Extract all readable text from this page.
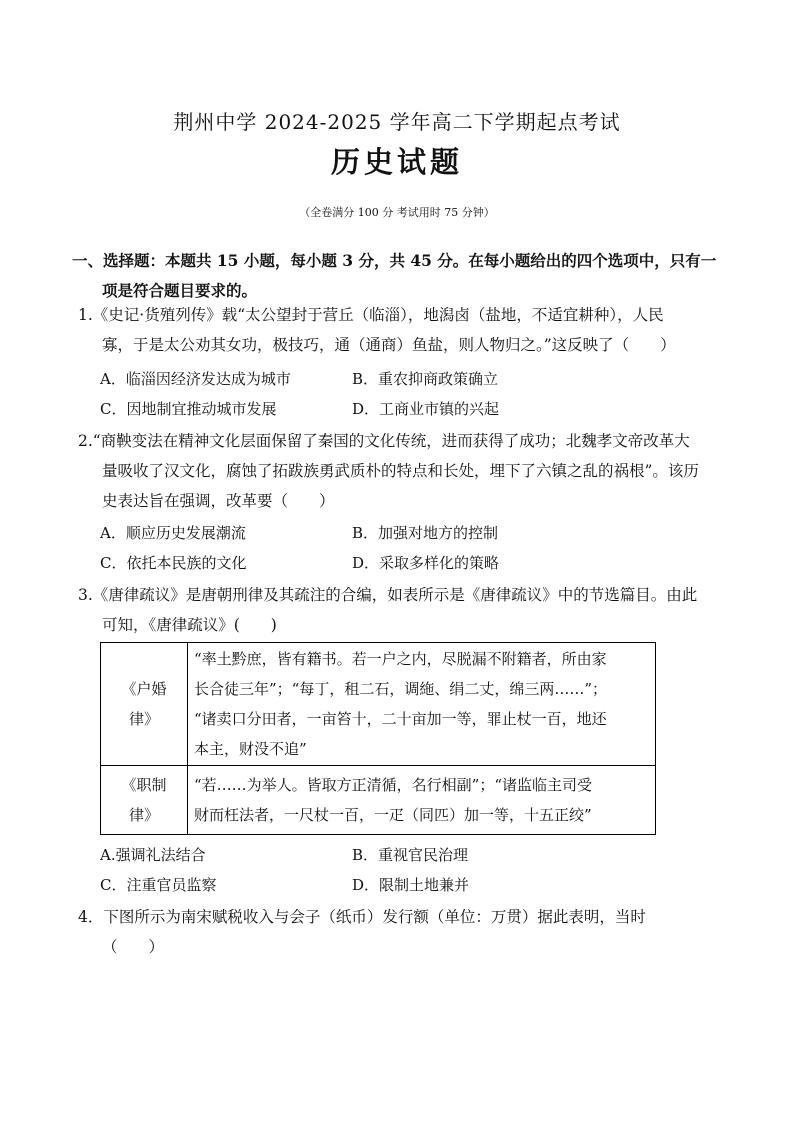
荆州中学 2024-2025 学年高二下学期起点考试
历史试题
（全卷满分 100 分 考试用时 75 分钟）
一、选择题：本题共 15 小题，每小题 3 分，共 45 分。在每小题给出的四个选项中，只有一
项是符合题目要求的。
1.《史记·货殖列传》载“太公望封于营丘（临淄），地潟卤（盐地，不适宜耕种），人民
寡，于是太公劝其女功，极技巧，通（通商）鱼盐，则人物归之。”这反映了（　　）
A．临淄因经济发达成为城市	B．重农抑商政策确立
C．因地制宜推动城市发展	D．工商业市镇的兴起
2.“商鞅变法在精神文化层面保留了秦国的文化传统，进而获得了成功；北魏孝文帝改革大
量吸收了汉文化，腐蚀了拓跋族勇武质朴的特点和长处，埋下了六镇之乱的祸根”。该历
史表达旨在强调，改革要（　　）
A．顺应历史发展潮流	B．加强对地方的控制
C．依托本民族的文化	D．采取多样化的策略
3.《唐律疏议》是唐朝刑律及其疏注的合编，如表所示是《唐律疏议》中的节选篇目。由此
可知，《唐律疏议》(　　)
《户婚
律》	“率土黔庶，皆有籍书。若一户之内，尽脱漏不附籍者，所由家
长合徒三年”；“每丁，租二石，调絁、绢二丈，绵三两……”；
“诸卖口分田者，一亩笞十，二十亩加一等，罪止杖一百，地还
本主，财没不追”

《职制
律》	“若……为举人。皆取方正清循，名行相副”；“诸监临主司受
财而枉法者，一尺杖一百，一疋（同匹）加一等，十五正绞”
A.强调礼法结合	B．重视官民治理
C．注重官员监察	D．限制土地兼并
4．下图所示为南宋赋税收入与会子（纸币）发行额（单位：万贯）据此表明，当时
（　　）
